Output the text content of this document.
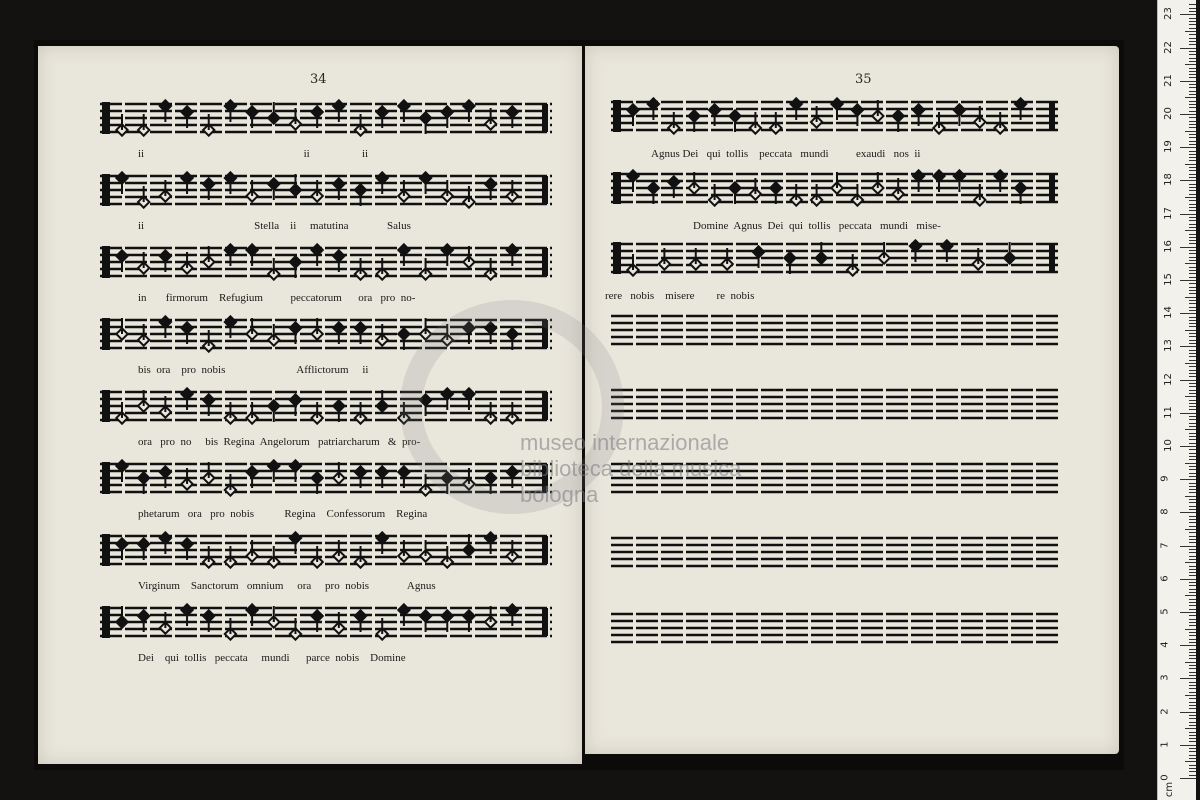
34
ii                                                          ii                   ii
ii                                        Stella    ii     matutina              Salus
in       firmorum    Refugium          peccatorum      ora   pro  no-
bis  ora    pro  nobis                          Afflictorum     ii
ora   pro  no     bis  Regina  Angelorum   patriarcharum   &  pro-
phetarum   ora   pro  nobis           Regina    Confessorum    Regina
Virginum    Sanctorum   omnium     ora     pro  nobis              Agnus
Dei    qui  tollis   peccata     mundi      parce  nobis    Domine
35
Agnus Dei   qui  tollis    peccata   mundi          exaudi   nos  ii
Domine  Agnus  Dei  qui  tollis   peccata   mundi   mise-
rere   nobis    misere        re  nobis
museo internazionale
biblioteca della musica
bologna
0
1
2
3
4
5
6
7
8
9
10
11
12
13
14
15
16
17
18
19
20
21
22
23
cm
